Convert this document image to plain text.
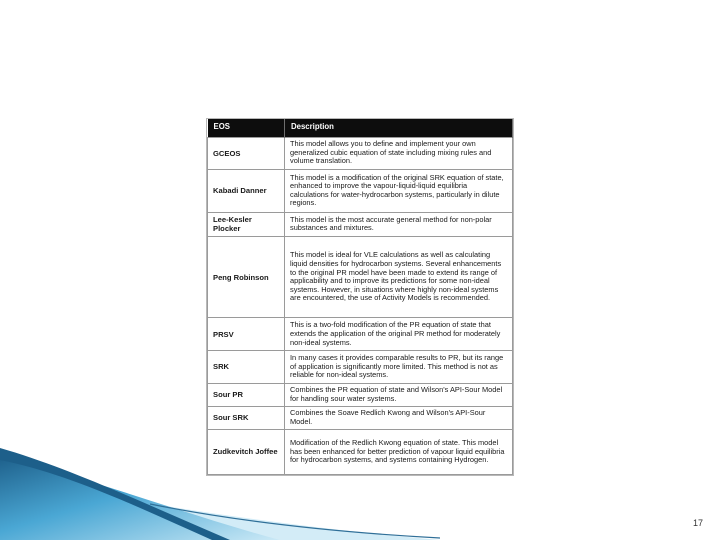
EOS	Description
GCEOS	This model allows you to define and implement your own generalized cubic equation of state including mixing rules and volume translation.
Kabadi Danner	This model is a modification of the original SRK equation of state, enhanced to improve the vapour-liquid-liquid equilibria calculations for water-hydrocarbon systems, particularly in dilute regions.
Lee-Kesler Plocker	This model is the most accurate general method for non-polar substances and mixtures.
Peng Robinson	This model is ideal for VLE calculations as well as calculating liquid densities for hydrocarbon systems. Several enhancements to the original PR model have been made to extend its range of applicability and to improve its predictions for some non-ideal systems. However, in situations where highly non-ideal systems are encountered, the use of Activity Models is recommended.
PRSV	This is a two-fold modification of the PR equation of state that extends the application of the original PR method for moderately non-ideal systems.
SRK	In many cases it provides comparable results to PR, but its range of application is significantly more limited. This method is not as reliable for non-ideal systems.
Sour PR	Combines the PR equation of state and Wilson's API-Sour Model for handling sour water systems.
Sour SRK	Combines the Soave Redlich Kwong and Wilson's API-Sour Model.
Zudkevitch Joffee	Modification of the Redlich Kwong equation of state. This model has been enhanced for better prediction of vapour liquid equilibria for hydrocarbon systems, and systems containing Hydrogen.
17
